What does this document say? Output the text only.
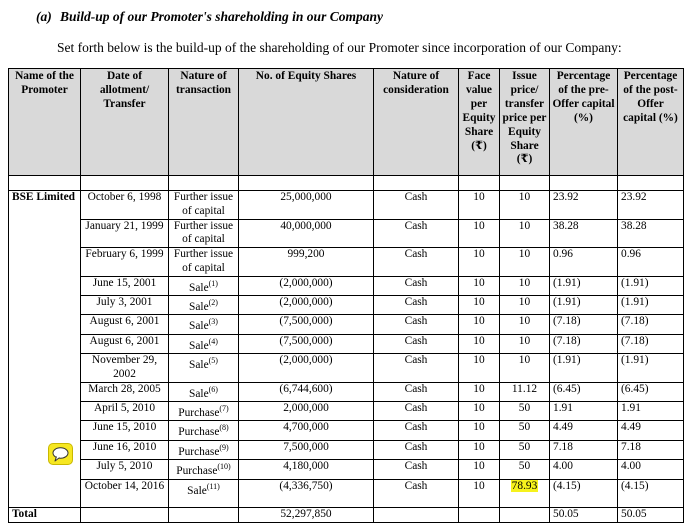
(a) Build-up of our Promoter's shareholding in our Company
Set forth below is the build-up of the shareholding of our Promoter since incorporation of our Company:
Name of the Promoter	Date of allotment/ Transfer	Nature of transaction	No. of Equity Shares	Nature of consideration	Face value per Equity Share (₹)	Issue price/ transfer price per Equity Share (₹)	Percentage of the pre-Offer capital (%)	Percentage of the post-Offer capital (%)

BSE Limited	October 6, 1998	Further issue of capital	25,000,000	Cash	10	10	23.92	23.92
	January 21, 1999	Further issue of capital	40,000,000	Cash	10	10	38.28	38.28
	February 6, 1999	Further issue of capital	999,200	Cash	10	10	0.96	0.96
	June 15, 2001	Sale$^{(1)}$	(2,000,000)	Cash	10	10	(1.91)	(1.91)
	July 3, 2001	Sale$^{(2)}$	(2,000,000)	Cash	10	10	(1.91)	(1.91)
	August 6, 2001	Sale$^{(3)}$	(7,500,000)	Cash	10	10	(7.18)	(7.18)
	August 6, 2001	Sale$^{(4)}$	(7,500,000)	Cash	10	10	(7.18)	(7.18)
	November 29, 2002	Sale$^{(5)}$	(2,000,000)	Cash	10	10	(1.91)	(1.91)
	March 28, 2005	Sale$^{(6)}$	(6,744,600)	Cash	10	11.12	(6.45)	(6.45)
	April 5, 2010	Purchase$^{(7)}$	2,000,000	Cash	10	50	1.91	1.91
	June 15, 2010	Purchase$^{(8)}$	4,700,000	Cash	10	50	4.49	4.49
	June 16, 2010	Purchase$^{(9)}$	7,500,000	Cash	10	50	7.18	7.18
	July 5, 2010	Purchase$^{(10)}$	4,180,000	Cash	10	50	4.00	4.00
	October 14, 2016	Sale$^{(11)}$	(4,336,750)	Cash	10	78.93	(4.15)	(4.15)
Total			52,297,850				50.05	50.05
